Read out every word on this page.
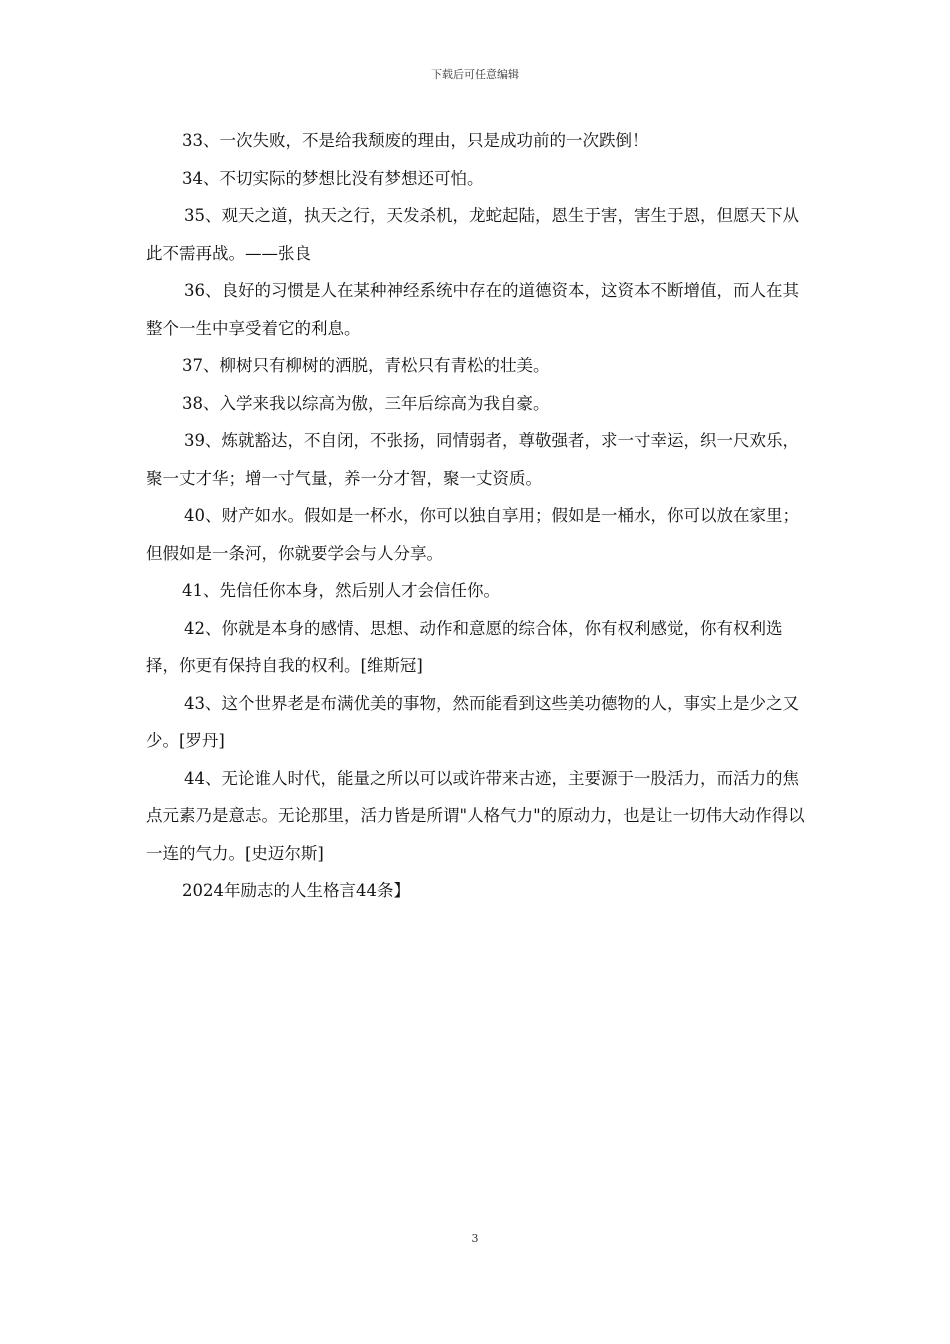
下载后可任意编辑

33、一次失败，不是给我颓废的理由，只是成功前的一次跌倒！

34、不切实际的梦想比没有梦想还可怕。

35、观天之道，执天之行，天发杀机，龙蛇起陆，恩生于害，害生于恩，但愿天下从此不需再战。——张良

36、良好的习惯是人在某种神经系统中存在的道德资本，这资本不断增值，而人在其整个一生中享受着它的利息。

37、柳树只有柳树的洒脱，青松只有青松的壮美。

38、入学来我以综高为傲，三年后综高为我自豪。

39、炼就豁达，不自闭，不张扬，同情弱者，尊敬强者，求一寸幸运，织一尺欢乐，聚一丈才华；增一寸气量，养一分才智，聚一丈资质。

40、财产如水。假如是一杯水，你可以独自享用；假如是一桶水，你可以放在家里；但假如是一条河，你就要学会与人分享。

41、先信任你本身，然后别人才会信任你。

42、你就是本身的感情、思想、动作和意愿的综合体，你有权利感觉，你有权利选择，你更有保持自我的权利。[维斯冠]

43、这个世界老是布满优美的事物，然而能看到这些美功德物的人，事实上是少之又少。[罗丹]

44、无论谁人时代，能量之所以可以或许带来古迹，主要源于一股活力，而活力的焦点元素乃是意志。无论那里，活力皆是所谓"人格气力"的原动力，也是让一切伟大动作得以一连的气力。[史迈尔斯]

2024年励志的人生格言44条】

3
